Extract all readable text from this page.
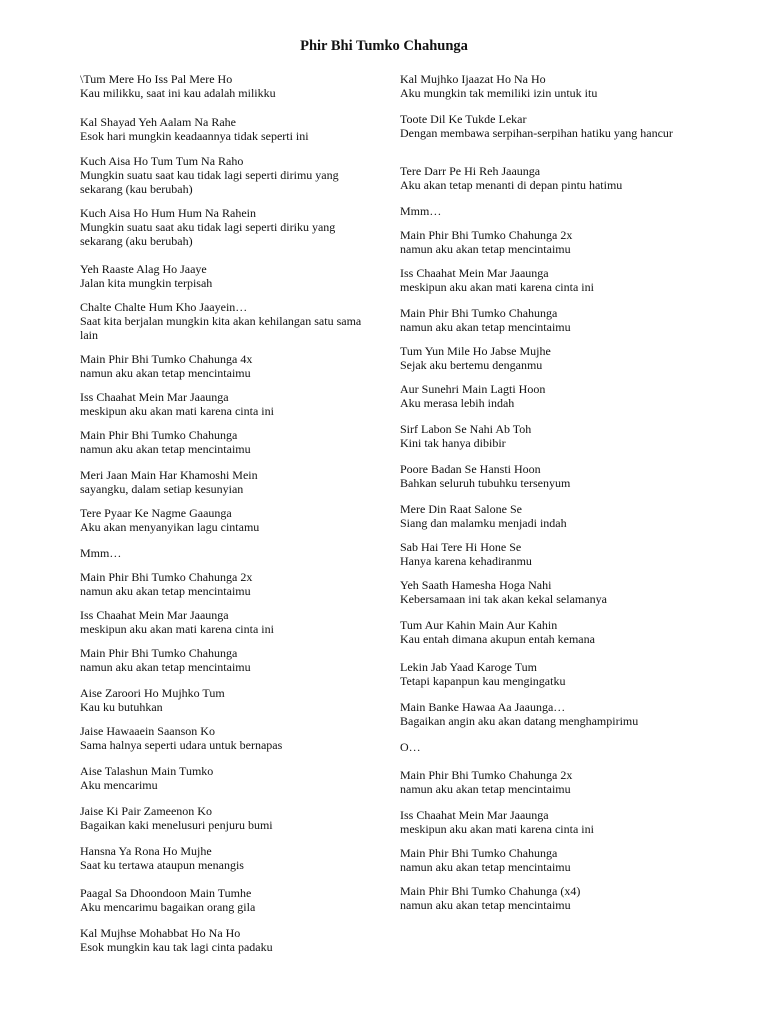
Phir Bhi Tumko Chahunga
\Tum Mere Ho Iss Pal Mere Ho
Kau milikku, saat ini kau adalah milikku
Kal Shayad Yeh Aalam Na Rahe
Esok hari mungkin keadaannya tidak seperti ini
Kuch Aisa Ho Tum Tum Na Raho
Mungkin suatu saat kau tidak lagi seperti dirimu yang sekarang (kau berubah)
Kuch Aisa Ho Hum Hum Na Rahein
Mungkin suatu saat aku tidak lagi seperti diriku yang sekarang (aku berubah)
Yeh Raaste Alag Ho Jaaye
Jalan kita mungkin terpisah
Chalte Chalte Hum Kho Jaayein…
Saat kita berjalan mungkin kita akan kehilangan satu sama lain
Main Phir Bhi Tumko Chahunga 4x
namun aku akan tetap mencintaimu
Iss Chaahat Mein Mar Jaaunga
meskipun aku akan mati karena cinta ini
Main Phir Bhi Tumko Chahunga
namun aku akan tetap mencintaimu
Meri Jaan Main Har Khamoshi Mein
sayangku, dalam setiap kesunyian
Tere Pyaar Ke Nagme Gaaunga
Aku akan menyanyikan lagu cintamu
Mmm…
Main Phir Bhi Tumko Chahunga 2x
namun aku akan tetap mencintaimu
Iss Chaahat Mein Mar Jaaunga
meskipun aku akan mati karena cinta ini
Main Phir Bhi Tumko Chahunga
namun aku akan tetap mencintaimu
Aise Zaroori Ho Mujhko Tum
Kau ku butuhkan
Jaise Hawaaein Saanson Ko
Sama halnya seperti udara untuk bernapas
Aise Talashun Main Tumko
Aku mencarimu
Jaise Ki Pair Zameenon Ko
Bagaikan kaki menelusuri penjuru bumi
Hansna Ya Rona Ho Mujhe
Saat ku tertawa ataupun menangis
Paagal Sa Dhoondoon Main Tumhe
Aku mencarimu bagaikan orang gila
Kal Mujhse Mohabbat Ho Na Ho
Esok mungkin kau tak lagi cinta padaku
Kal Mujhko Ijaazat Ho Na Ho
Aku mungkin tak memiliki izin untuk itu
Toote Dil Ke Tukde Lekar
Dengan membawa serpihan-serpihan hatiku yang hancur
Tere Darr Pe Hi Reh Jaaunga
Aku akan tetap menanti di depan pintu hatimu
Mmm…
Main Phir Bhi Tumko Chahunga 2x
namun aku akan tetap mencintaimu
Iss Chaahat Mein Mar Jaaunga
meskipun aku akan mati karena cinta ini
Main Phir Bhi Tumko Chahunga
namun aku akan tetap mencintaimu
Tum Yun Mile Ho Jabse Mujhe
Sejak aku bertemu denganmu
Aur Sunehri Main Lagti Hoon
Aku merasa lebih indah
Sirf Labon Se Nahi Ab Toh
Kini tak hanya dibibir
Poore Badan Se Hansti Hoon
Bahkan seluruh tubuhku tersenyum
Mere Din Raat Salone Se
Siang dan malamku menjadi indah
Sab Hai Tere Hi Hone Se
Hanya karena kehadiranmu
Yeh Saath Hamesha Hoga Nahi
Kebersamaan ini tak akan kekal selamanya
Tum Aur Kahin Main Aur Kahin
Kau entah dimana akupun entah kemana
Lekin Jab Yaad Karoge Tum
Tetapi kapanpun kau mengingatku
Main Banke Hawaa Aa Jaaunga…
Bagaikan angin aku akan datang menghampirimu
O…
Main Phir Bhi Tumko Chahunga 2x
namun aku akan tetap mencintaimu
Iss Chaahat Mein Mar Jaaunga
meskipun aku akan mati karena cinta ini
Main Phir Bhi Tumko Chahunga
namun aku akan tetap mencintaimu
Main Phir Bhi Tumko Chahunga (x4)
namun aku akan tetap mencintaimu
